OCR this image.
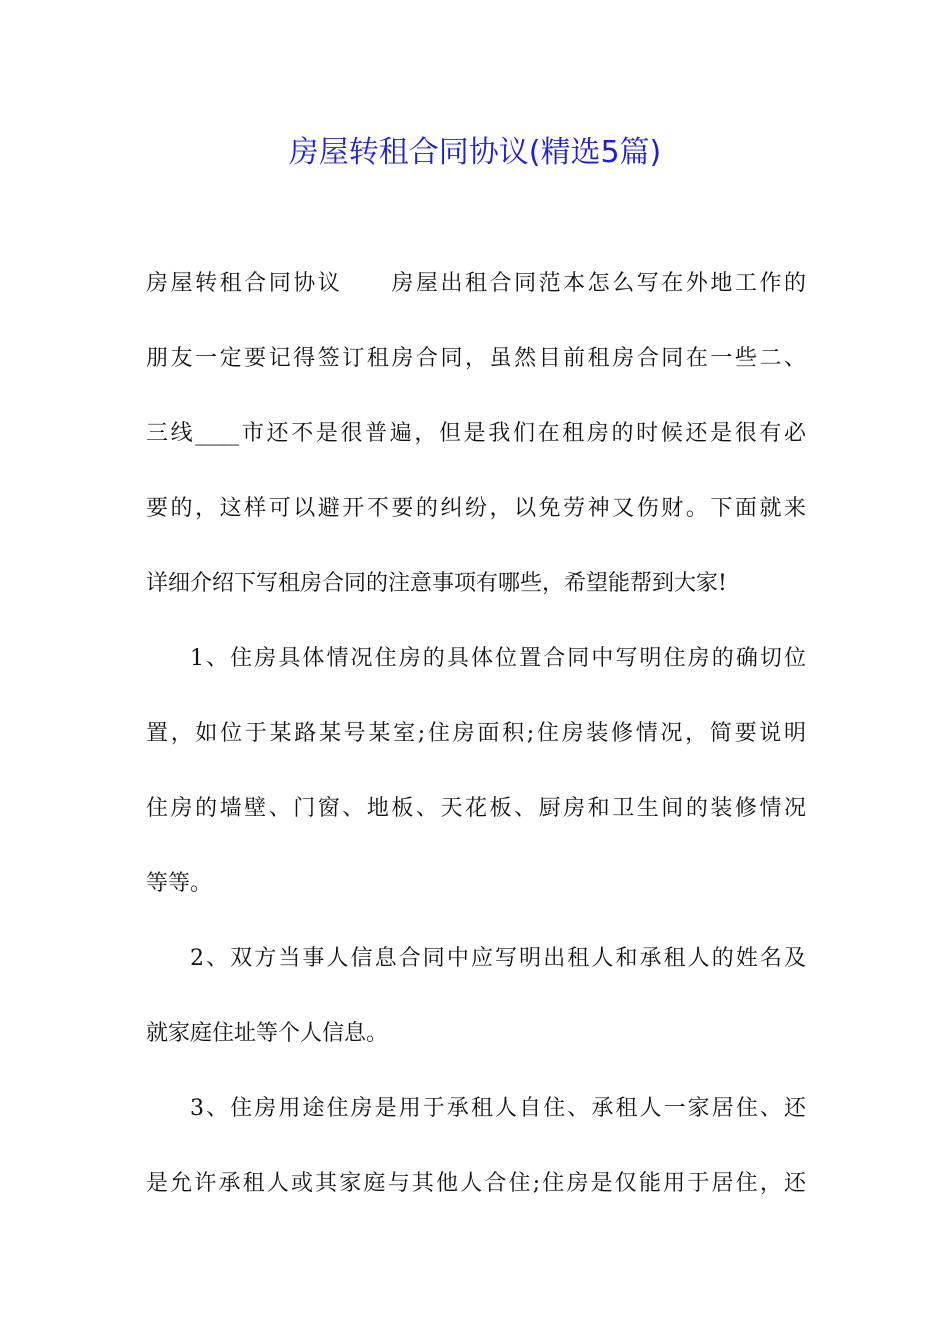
房屋转租合同协议(精选5篇)
房屋转租合同协议　　房屋出租合同范本怎么写在外地工作的
朋友一定要记得签订租房合同，虽然目前租房合同在一些二、
三线____市还不是很普遍，但是我们在租房的时候还是很有必
要的，这样可以避开不要的纠纷，以免劳神又伤财。下面就来
详细介绍下写租房合同的注意事项有哪些，希望能帮到大家!
1、住房具体情况住房的具体位置合同中写明住房的确切位
置，如位于某路某号某室;住房面积;住房装修情况，简要说明
住房的墙壁、门窗、地板、天花板、厨房和卫生间的装修情况
等等。
2、双方当事人信息合同中应写明出租人和承租人的姓名及
就家庭住址等个人信息。
3、住房用途住房是用于承租人自住、承租人一家居住、还
是允许承租人或其家庭与其他人合住;住房是仅能用于居住，还
